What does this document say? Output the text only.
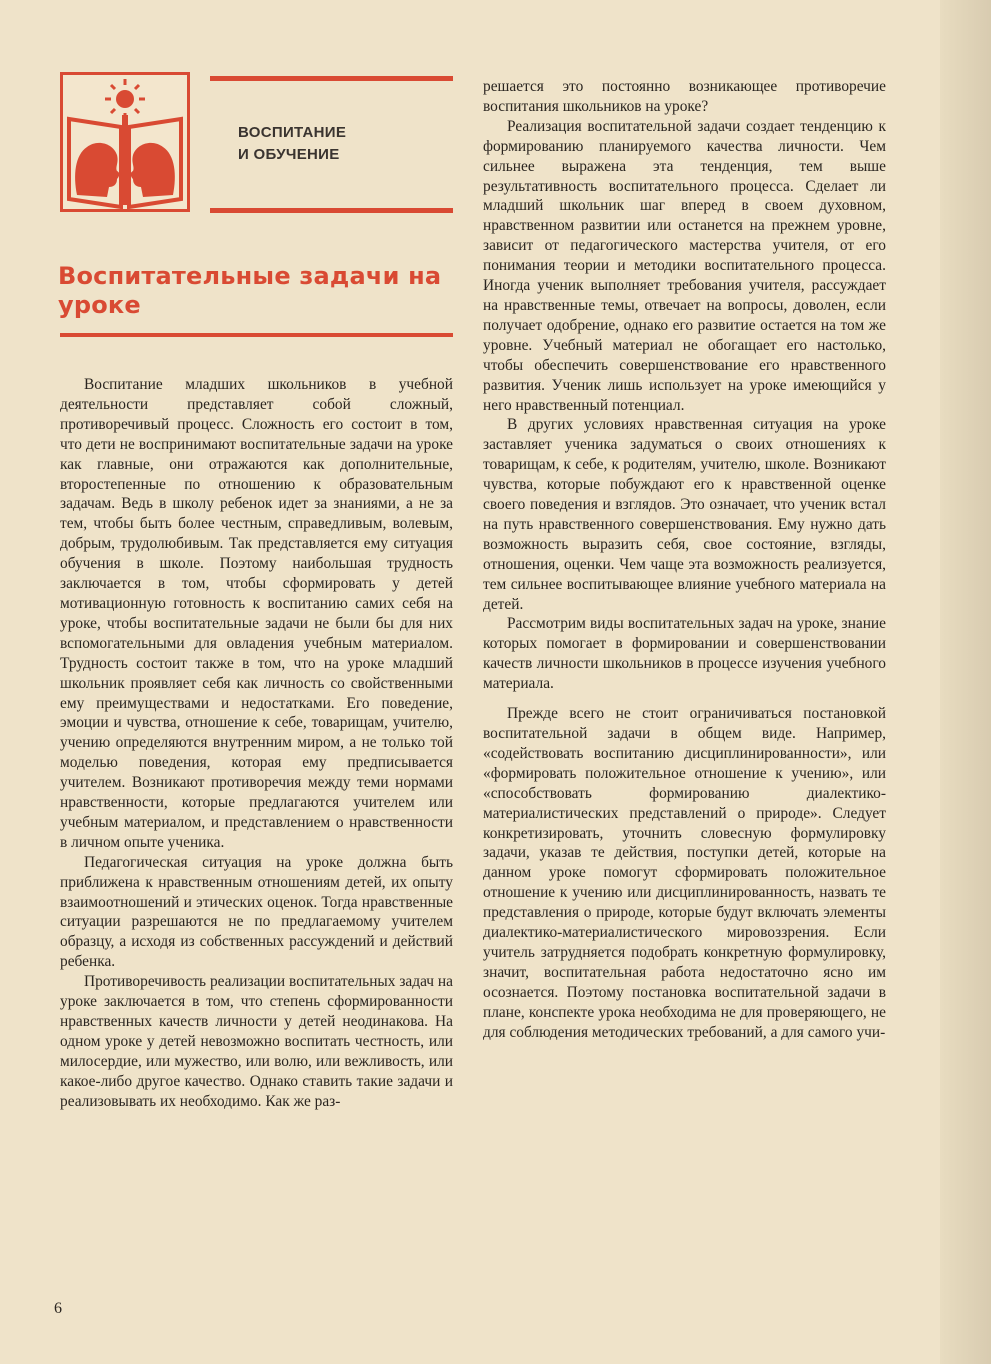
ВОСПИТАНИЕ
И ОБУЧЕНИЕ
Воспитательные задачи на уроке

Воспитание младших школьников в учебной деятельности представляет собой сложный, противоречивый процесс. Сложность его состоит в том, что дети не воспринимают воспитательные задачи на уроке как главные, они отражаются как дополнительные, второстепенные по отношению к образовательным задачам. Ведь в школу ребенок идет за знаниями, а не за тем, чтобы быть более честным, справедливым, волевым, добрым, трудолюбивым. Так представляется ему ситуация обучения в школе. Поэтому наибольшая трудность заключается в том, чтобы сформировать у детей мотивационную готовность к воспитанию самих себя на уроке, чтобы воспитательные задачи не были бы для них вспомогательными для овладения учебным материалом. Трудность состоит также в том, что на уроке младший школьник проявляет себя как личность со свойственными ему преимуществами и недостатками. Его поведение, эмоции и чувства, отношение к себе, товарищам, учителю, учению определяются внутренним миром, а не только той моделью поведения, которая ему предписывается учителем. Возникают противоречия между теми нормами нравственности, которые предлагаются учителем или учебным материалом, и представлением о нравственности в личном опыте ученика.

Педагогическая ситуация на уроке должна быть приближена к нравственным отношениям детей, их опыту взаимоотношений и этических оценок. Тогда нравственные ситуации разрешаются не по предлагаемому учителем образцу, а исходя из собственных рассуждений и действий ребенка.

Противоречивость реализации воспитательных задач на уроке заключается в том, что степень сформированности нравственных качеств личности у детей неодинакова. На одном уроке у детей невозможно воспитать честность, или милосердие, или мужество, или волю, или вежливость, или какое-либо другое качество. Однако ставить такие задачи и реализовывать их необходимо. Как же раз-

решается это постоянно возникающее противоречие воспитания школьников на уроке?

Реализация воспитательной задачи создает тенденцию к формированию планируемого качества личности. Чем сильнее выражена эта тенденция, тем выше результативность воспитательного процесса. Сделает ли младший школьник шаг вперед в своем духовном, нравственном развитии или останется на прежнем уровне, зависит от педагогического мастерства учителя, от его понимания теории и методики воспитательного процесса. Иногда ученик выполняет требования учителя, рассуждает на нравственные темы, отвечает на вопросы, доволен, если получает одобрение, однако его развитие остается на том же уровне. Учебный материал не обогащает его настолько, чтобы обеспечить совершенствование его нравственного развития. Ученик лишь использует на уроке имеющийся у него нравственный потенциал.

В других условиях нравственная ситуация на уроке заставляет ученика задуматься о своих отношениях к товарищам, к себе, к родителям, учителю, школе. Возникают чувства, которые побуждают его к нравственной оценке своего поведения и взглядов. Это означает, что ученик встал на путь нравственного совершенствования. Ему нужно дать возможность выразить себя, свое состояние, взгляды, отношения, оценки. Чем чаще эта возможность реализуется, тем сильнее воспитывающее влияние учебного материала на детей.

Рассмотрим виды воспитательных задач на уроке, знание которых помогает в формировании и совершенствовании качеств личности школьников в процессе изучения учебного материала.

Прежде всего не стоит ограничиваться постановкой воспитательной задачи в общем виде. Например, «содействовать воспитанию дисциплинированности», или «формировать положительное отношение к учению», или «способствовать формированию диалектико-материалистических представлений о природе». Следует конкретизировать, уточнить словесную формулировку задачи, указав те действия, поступки детей, которые на данном уроке помогут сформировать положительное отношение к учению или дисциплинированность, назвать те представления о природе, которые будут включать элементы диалектико-материалистического мировоззрения. Если учитель затрудняется подобрать конкретную формулировку, значит, воспитательная работа недостаточно ясно им осознается. Поэтому постановка воспитательной задачи в плане, конспекте урока необходима не для проверяющего, не для соблюдения методических требований, а для самого учи-

6
